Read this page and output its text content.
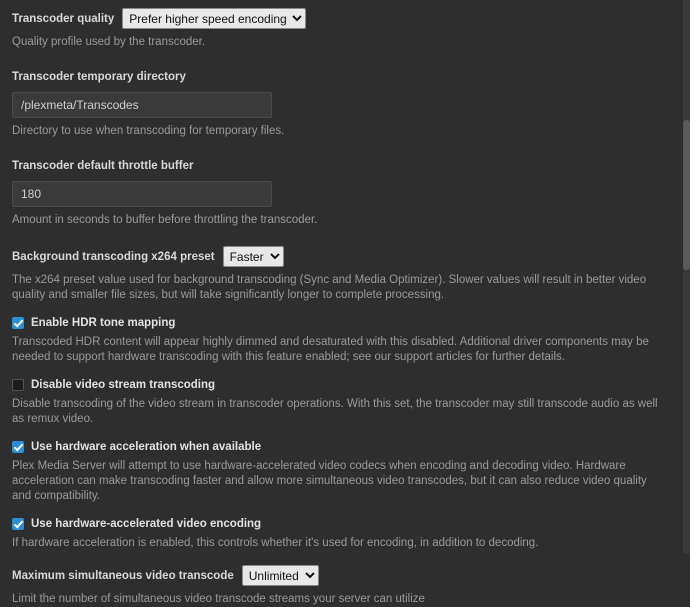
Transcoder quality
Prefer higher speed encoding
Quality profile used by the transcoder.
Transcoder temporary directory
/plexmeta/Transcodes
Directory to use when transcoding for temporary files.
Transcoder default throttle buffer
180
Amount in seconds to buffer before throttling the transcoder.
Background transcoding x264 preset
Faster
The x264 preset value used for background transcoding (Sync and Media Optimizer). Slower values will result in better video quality and smaller file sizes, but will take significantly longer to complete processing.
Enable HDR tone mapping
Transcoded HDR content will appear highly dimmed and desaturated with this disabled. Additional driver components may be needed to support hardware transcoding with this feature enabled; see our support articles for further details.
Disable video stream transcoding
Disable transcoding of the video stream in transcoder operations. With this set, the transcoder may still transcode audio as well as remux video.
Use hardware acceleration when available
Plex Media Server will attempt to use hardware-accelerated video codecs when encoding and decoding video. Hardware acceleration can make transcoding faster and allow more simultaneous video transcodes, but it can also reduce video quality and compatibility.
Use hardware-accelerated video encoding
If hardware acceleration is enabled, this controls whether it's used for encoding, in addition to decoding.
Maximum simultaneous video transcode
Unlimited
Limit the number of simultaneous video transcode streams your server can utilize
